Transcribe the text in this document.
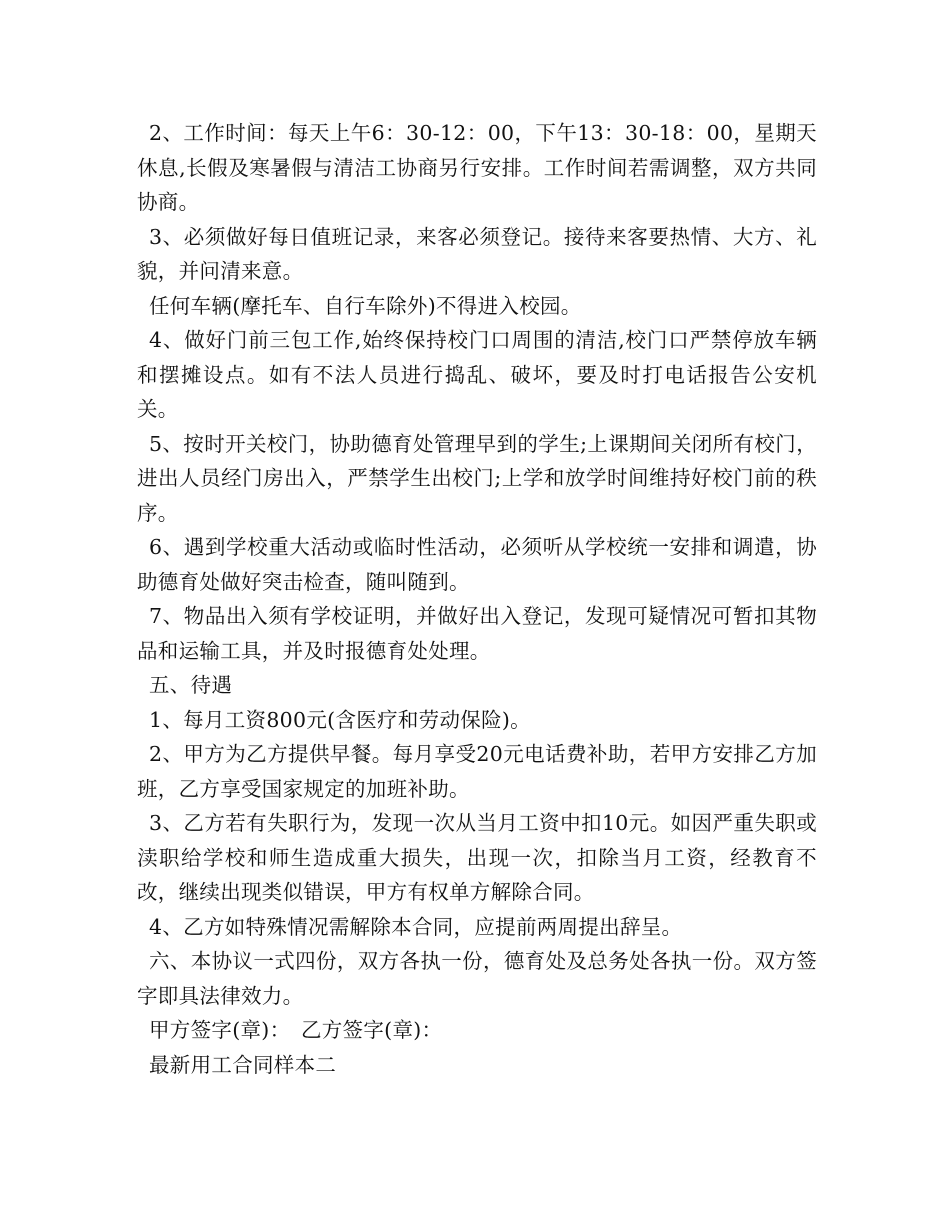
2、工作时间：每天上午6：30-12：00，下午13：30-18：00，星期天休息,长假及寒暑假与清洁工协商另行安排。工作时间若需调整，双方共同协商。

3、必须做好每日值班记录，来客必须登记。接待来客要热情、大方、礼貌，并问清来意。

任何车辆(摩托车、自行车除外)不得进入校园。

4、做好门前三包工作,始终保持校门口周围的清洁,校门口严禁停放车辆和摆摊设点。如有不法人员进行捣乱、破坏，要及时打电话报告公安机关。

5、按时开关校门，协助德育处管理早到的学生;上课期间关闭所有校门，进出人员经门房出入，严禁学生出校门;上学和放学时间维持好校门前的秩序。

6、遇到学校重大活动或临时性活动，必须听从学校统一安排和调遣，协助德育处做好突击检查，随叫随到。

7、物品出入须有学校证明，并做好出入登记，发现可疑情况可暂扣其物品和运输工具，并及时报德育处处理。

五、待遇

1、每月工资800元(含医疗和劳动保险)。

2、甲方为乙方提供早餐。每月享受20元电话费补助，若甲方安排乙方加班，乙方享受国家规定的加班补助。

3、乙方若有失职行为，发现一次从当月工资中扣10元。如因严重失职或渎职给学校和师生造成重大损失，出现一次，扣除当月工资，经教育不改，继续出现类似错误，甲方有权单方解除合同。

4、乙方如特殊情况需解除本合同，应提前两周提出辞呈。

六、本协议一式四份，双方各执一份，德育处及总务处各执一份。双方签字即具法律效力。

甲方签字(章)：　乙方签字(章)：

最新用工合同样本二
